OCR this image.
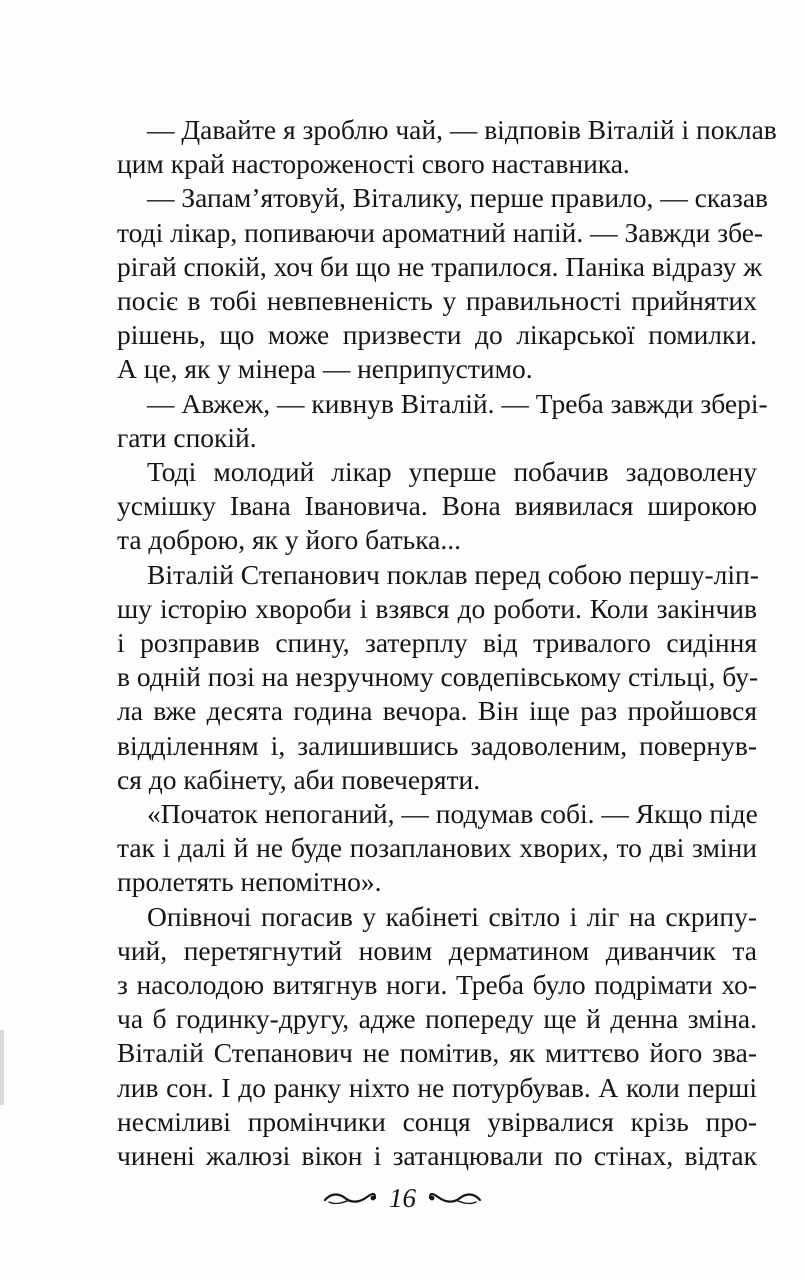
— Давайте я зроблю чай, — відповів Віталій і поклав
цим край настороженості свого наставника.
— Запам’ятовуй, Віталику, перше правило, — сказав
тоді лікар, попиваючи ароматний напій. — Завжди збе-
рігай спокій, хоч би що не трапилося. Паніка відразу ж
посіє в тобі невпевненість у правильності прийнятих
рішень, що може призвести до лікарської помилки.
А це, як у мінера — неприпустимо.
— Авжеж, — кивнув Віталій. — Треба завжди збері-
гати спокій.
Тоді молодий лікар уперше побачив задоволену
усмішку Івана Івановича. Вона виявилася широкою
та доброю, як у його батька...
Віталій Степанович поклав перед собою першу-ліп-
шу історію хвороби і взявся до роботи. Коли закінчив
і розправив спину, затерплу від тривалого сидіння
в одній позі на незручному совдепівському стільці, бу-
ла вже десята година вечора. Він іще раз пройшовся
відділенням і, залишившись задоволеним, повернув-
ся до кабінету, аби повечеряти.
«Початок непоганий, — подумав собі. — Якщо піде
так і далі й не буде позапланових хворих, то дві зміни
пролетять непомітно».
Опівночі погасив у кабінеті світло і ліг на скрипу-
чий, перетягнутий новим дерматином диванчик та
з насолодою витягнув ноги. Треба було подрімати хо-
ча б годинку-другу, адже попереду ще й денна зміна.
Віталій Степанович не помітив, як миттєво його зва-
лив сон. І до ранку ніхто не потурбував. А коли перші
несміливі промінчики сонця увірвалися крізь про-
чинені жалюзі вікон і затанцювали по стінах, відтак
16
